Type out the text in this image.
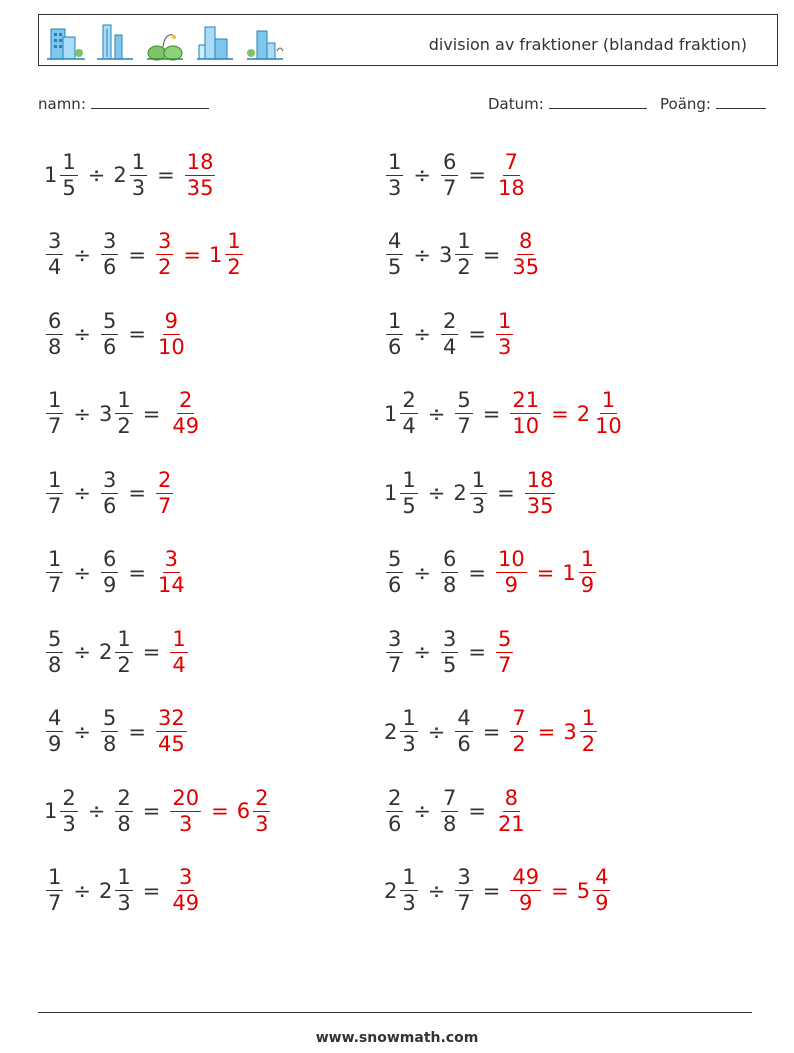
division av fraktioner (blandad fraktion)
namn:	Datum:	Poäng:
$1 \frac{1}{5} \div 2 \frac{1}{3} = \frac{18}{35}$	$\frac{1}{3} \div \frac{6}{7} = \frac{7}{18}$
$\frac{3}{4} \div \frac{3}{6} = \frac{3}{2} = 1 \frac{1}{2}$	$\frac{4}{5} \div 3 \frac{1}{2} = \frac{8}{35}$
$\frac{6}{8} \div \frac{5}{6} = \frac{9}{10}$	$\frac{1}{6} \div \frac{2}{4} = \frac{1}{3}$
$\frac{1}{7} \div 3 \frac{1}{2} = \frac{2}{49}$	$1 \frac{2}{4} \div \frac{5}{7} = \frac{21}{10} = 2 \frac{1}{10}$
$\frac{1}{7} \div \frac{3}{6} = \frac{2}{7}$	$1 \frac{1}{5} \div 2 \frac{1}{3} = \frac{18}{35}$
$\frac{1}{7} \div \frac{6}{9} = \frac{3}{14}$	$\frac{5}{6} \div \frac{6}{8} = \frac{10}{9} = 1 \frac{1}{9}$
$\frac{5}{8} \div 2 \frac{1}{2} = \frac{1}{4}$	$\frac{3}{7} \div \frac{3}{5} = \frac{5}{7}$
$\frac{4}{9} \div \frac{5}{8} = \frac{32}{45}$	$2 \frac{1}{3} \div \frac{4}{6} = \frac{7}{2} = 3 \frac{1}{2}$
$1 \frac{2}{3} \div \frac{2}{8} = \frac{20}{3} = 6 \frac{2}{3}$	$\frac{2}{6} \div \frac{7}{8} = \frac{8}{21}$
$\frac{1}{7} \div 2 \frac{1}{3} = \frac{3}{49}$	$2 \frac{1}{3} \div \frac{3}{7} = \frac{49}{9} = 5 \frac{4}{9}$
www.snowmath.com
